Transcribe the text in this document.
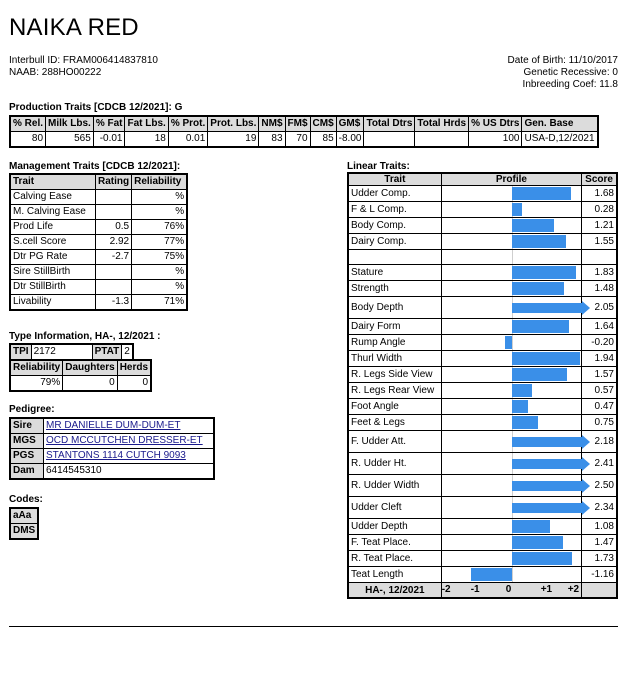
NAIKA RED
Interbull ID: FRAM006414837810
NAAB: 288HO00222
Date of Birth: 11/10/2017
Genetic Recessive: 0
Inbreeding Coef: 11.8
Production Traits [CDCB 12/2021]: G
% Rel.	Milk Lbs.	% Fat	Fat Lbs.	% Prot.	Prot. Lbs.	NM$	FM$	CM$	GM$	Total Dtrs	Total Hrds	% US Dtrs	Gen. Base
80	565	-0.01	18	0.01	19	83	70	85	-8.00			100	USA-D,12/2021
Management Traits [CDCB 12/2021]:
Trait	Rating	Reliability
Calving Ease		%
M. Calving Ease		%
Prod Life	0.5	76%
S.cell Score	2.92	77%
Dtr PG Rate	-2.7	75%
Sire StillBirth		%
Dtr StillBirth		%
Livability	-1.3	71%
Type Information, HA-, 12/2021 :
TPI	2172	PTAT	2
Reliability	Daughters	Herds
79%	0	0
Pedigree:
Sire	MR DANIELLE DUM-DUM-ET
MGS	OCD MCCUTCHEN DRESSER-ET
PGS	STANTONS 1114 CUTCH 9093
Dam	6414545310
Codes:
aAa
DMS
Linear Traits:
Trait	Profile	Score
Udder Comp.		1.68
F & L Comp.		0.28
Body Comp.		1.21
Dairy Comp.		1.55

Stature		1.83
Strength		1.48
Body Depth		2.05
Dairy Form		1.64
Rump Angle		-0.20
Thurl Width		1.94
R. Legs Side View		1.57
R. Legs Rear View		0.57
Foot Angle		0.47
Feet & Legs		0.75
F. Udder Att.		2.18
R. Udder Ht.		2.41
R. Udder Width		2.50
Udder Cleft		2.34
Udder Depth		1.08
F. Teat Place.		1.47
R. Teat Place.		1.73
Teat Length		-1.16
HA-, 12/2021	-2 -1 0 +1 +2	
